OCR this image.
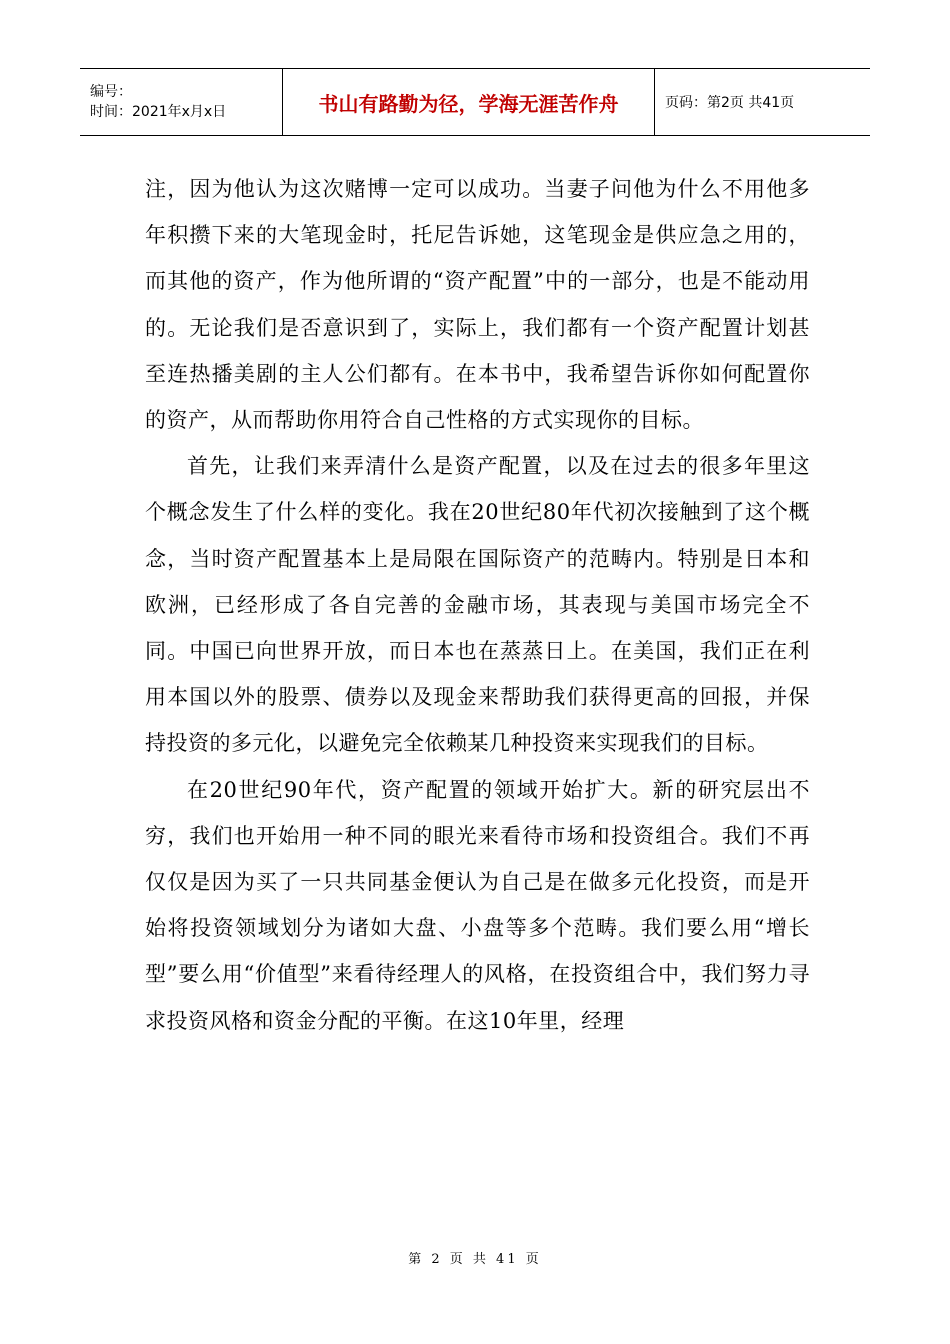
编号：
时间：2021年x月x日	书山有路勤为径，学海无涯苦作舟	页码：第2页 共41页

注，因为他认为这次赌博一定可以成功。当妻子问他为什么不用他多年积攒下来的大笔现金时，托尼告诉她，这笔现金是供应急之用的，而其他的资产，作为他所谓的“资产配置”中的一部分，也是不能动用的。无论我们是否意识到了，实际上，我们都有一个资产配置计划甚至连热播美剧的主人公们都有。在本书中，我希望告诉你如何配置你的资产，从而帮助你用符合自己性格的方式实现你的目标。

首先，让我们来弄清什么是资产配置，以及在过去的很多年里这个概念发生了什么样的变化。我在20世纪80年代初次接触到了这个概念，当时资产配置基本上是局限在国际资产的范畴内。特别是日本和欧洲，已经形成了各自完善的金融市场，其表现与美国市场完全不同。中国已向世界开放，而日本也在蒸蒸日上。在美国，我们正在利用本国以外的股票、债券以及现金来帮助我们获得更高的回报，并保持投资的多元化，以避免完全依赖某几种投资来实现我们的目标。

在20世纪90年代，资产配置的领域开始扩大。新的研究层出不穷，我们也开始用一种不同的眼光来看待市场和投资组合。我们不再仅仅是因为买了一只共同基金便认为自己是在做多元化投资，而是开始将投资领域划分为诸如大盘、小盘等多个范畴。我们要么用“增长型”要么用“价值型”来看待经理人的风格，在投资组合中，我们努力寻求投资风格和资金分配的平衡。在这10年里，经理

第 2 页 共 41 页
